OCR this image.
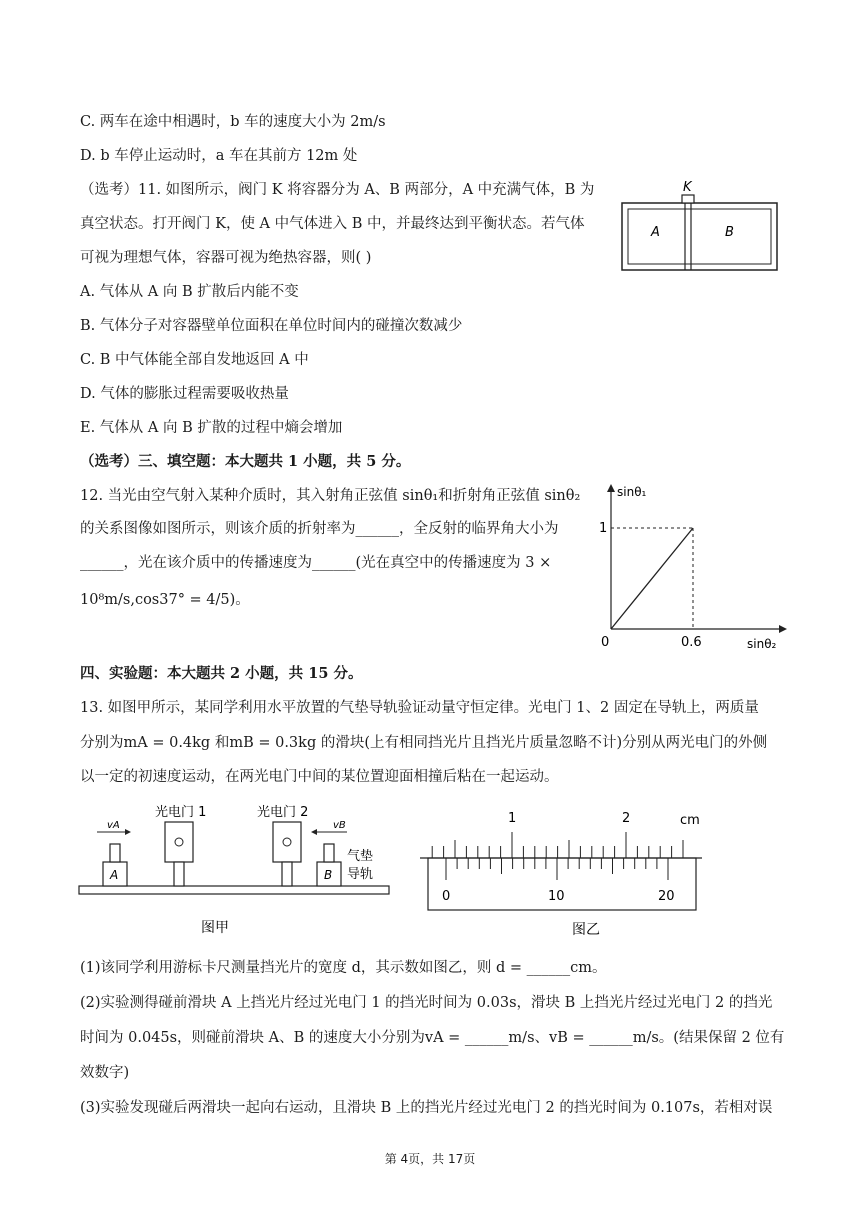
C. 两车在途中相遇时，b 车的速度大小为 2m/s
D. b 车停止运动时，a 车在其前方 12m 处
（选考）11. 如图所示，阀门 K 将容器分为 A、B 两部分，A 中充满气体，B 为
真空状态。打开阀门 K，使 A 中气体进入 B 中，并最终达到平衡状态。若气体
可视为理想气体，容器可视为绝热容器，则( )
A. 气体从 A 向 B 扩散后内能不变
B. 气体分子对容器壁单位面积在单位时间内的碰撞次数减少
C. B 中气体能全部自发地返回 A 中
D. 气体的膨胀过程需要吸收热量
E. 气体从 A 向 B 扩散的过程中熵会增加
（选考）三、填空题：本大题共 1 小题，共 5 分。
12. 当光由空气射入某种介质时，其入射角正弦值 sinθ₁和折射角正弦值 sinθ₂
的关系图像如图所示，则该介质的折射率为______，全反射的临界角大小为
______，光在该介质中的传播速度为______(光在真空中的传播速度为 3 ×
10⁸m/s,cos37° = 4/5)。
四、实验题：本大题共 2 小题，共 15 分。
13. 如图甲所示，某同学利用水平放置的气垫导轨验证动量守恒定律。光电门 1、2 固定在导轨上，两质量
分别为mA = 0.4kg 和mB = 0.3kg 的滑块(上有相同挡光片且挡光片质量忽略不计)分别从两光电门的外侧
以一定的初速度运动，在两光电门中间的某位置迎面相撞后粘在一起运动。
(1)该同学利用游标卡尺测量挡光片的宽度 d，其示数如图乙，则 d = ______cm。
(2)实验测得碰前滑块 A 上挡光片经过光电门 1 的挡光时间为 0.03s，滑块 B 上挡光片经过光电门 2 的挡光
时间为 0.045s，则碰前滑块 A、B 的速度大小分别为vA = ______m/s、vB = ______m/s。(结果保留 2 位有
效数字)
(3)实验发现碰后两滑块一起向右运动，且滑块 B 上的挡光片经过光电门 2 的挡光时间为 0.107s，若相对误
K
A	B
sinθ₁
sinθ₂
1
0.6
0
A
vA
光电门 1	光电门 2
vB
B
气垫
导轨
图甲
1	2	cm
0	10	20
图乙
第 4页，共 17页
